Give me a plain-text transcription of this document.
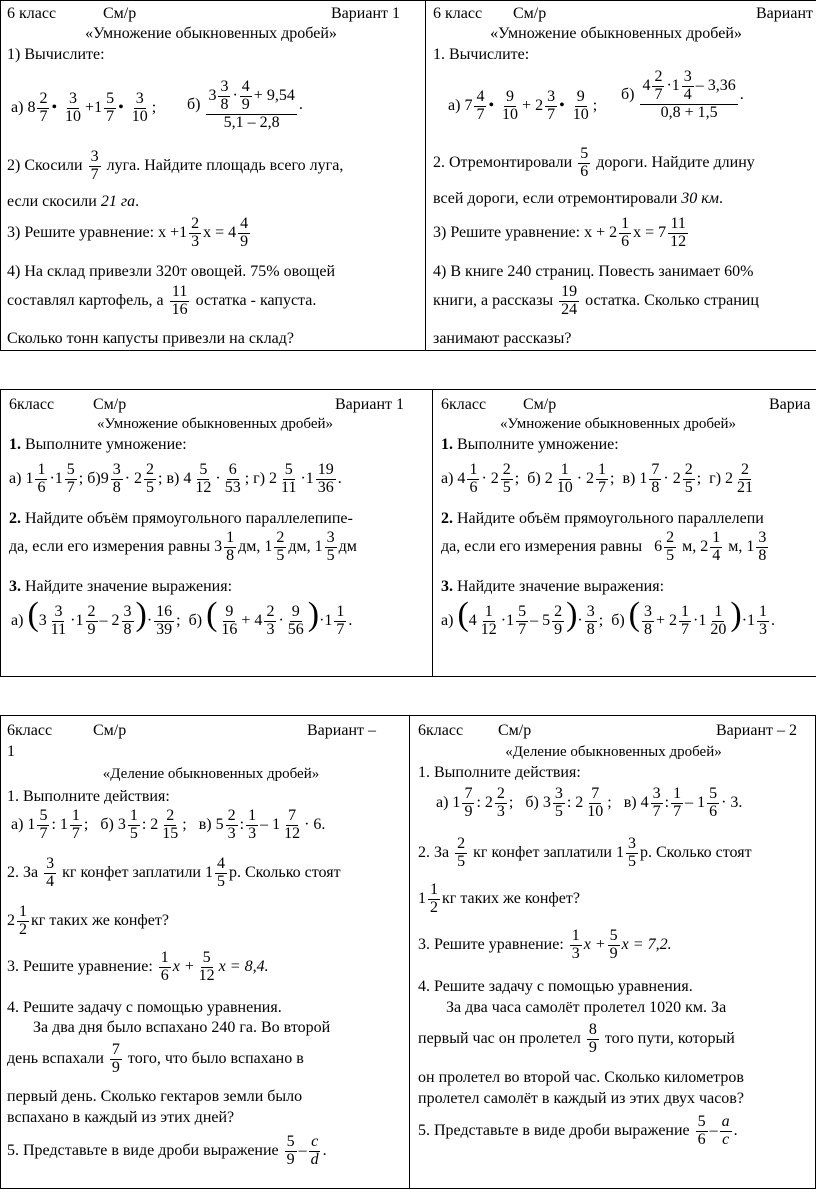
6 класс	См/р	Вариант 1
«Умножение обыкновенных дробей»
1) Вычислите:
а) $8 \frac{2}{7}$ • $\frac{3}{10} +1 \frac{5}{7}$ • $\frac{3}{10}$ ; $б) \frac{3 \frac{3}{8} \cdot \frac{4}{9} + 9,54}{5,1 - 2,8}$ .
2) Скосили $\frac{3}{7}$ луга. Найдите площадь всего луга,
если скосили 21 га.
3) Решите уравнение: $x +1 \frac{2}{3}$ $x = 4 \frac{4}{9}$
4) На склад привезли 320т овощей. 75% овощей
составлял картофель, а $\frac{11}{16}$ остатка - капуста.
Сколько тонн капусты привезли на склад?
6 класс См/р	Вариант
«Умножение обыкновенных дробей»
1. Вычислите:
а) $7 \frac{4}{7}$ • $\frac{9}{10} + 2 \frac{3}{7}$ • $\frac{9}{10}$ ;
$б) \frac{4 \frac{2}{7} \cdot 1 \frac{3}{4} - 3,36}{0,8 + 1,5}$ .
2. Отремонтировали $\frac{5}{6}$ дороги. Найдите длину
всей дороги, если отремонтировали 30 км.
3) Решите уравнение: $x + 2 \frac{1}{6}$ $x = 7 \frac{11}{12}$
4) В книге 240 страниц. Повесть занимает 60%
книги, а рассказы $\frac{19}{24}$ остатка. Сколько страниц
занимают рассказы?
6класс См/р	Вариант 1
«Умножение обыкновенных дробей»
1. Выполните умножение:
а) $1 \frac{1}{6} \cdot 1 \frac{5}{7}$ ; $б)9 \frac{3}{8} \cdot 2 \frac{2}{5}$ ; в) $4 \frac{5}{12} \cdot \frac{6}{53}$ ; г) $2 \frac{5}{11} \cdot 1 \frac{19}{36}$ .
2. Найдите объём прямоугольного параллелепипе-
да, если его измерения равны $3 \frac{1}{8}$ дм, $1 \frac{2}{5}$ дм, $1 \frac{3}{5}$ дм
3. Найдите значение выражения:
а) ($3 \frac{3}{11} \cdot 1 \frac{2}{9} - 2 \frac{3}{8}$ )· $\frac{16}{39}$ ; б) ( $\frac{9}{16} + 4 \frac{2}{3} \cdot \frac{9}{56} )\cdot 1 \frac{1}{7}$ .
6класс См/р	Вариа
«Умножение обыкновенных дробей»
1. Выполните умножение:
а) $4 \frac{1}{6} \cdot 2 \frac{2}{5}$ ; б) $2 \frac{1}{10} \cdot 2 \frac{1}{7}$ ; в) $1 \frac{7}{8} \cdot 2 \frac{2}{5}$ ; г) $2 \frac{2}{21}$
2. Найдите объём прямоугольного параллелепи
да, если его измерения равны $6 \frac{2}{5} м$, $2 \frac{1}{4} м$, $1 \frac{3}{8}$
3. Найдите значение выражения:
а) ($4 \frac{1}{12} \cdot 1 \frac{5}{7} - 5 \frac{2}{9}$ )· $\frac{3}{8}$ ; б) ( $\frac{3}{8} + 2 \frac{1}{7} \cdot 1 \frac{1}{20} )\cdot 1 \frac{1}{3}$ .
6класс	См/р	Вариант –
1
«Деление обыкновенных дробей»
1. Выполните действия:
а) $1 \frac{5}{7}$ : $1 \frac{1}{7}$ ; б) $3 \frac{1}{5}$ : $2 \frac{2}{15}$ ; в) $5 \frac{2}{3}$ : $\frac{1}{3} - 1 \frac{7}{12} \cdot 6$.
2. За $\frac{3}{4}$ кг конфет заплатили $1 \frac{4}{5} р$. Сколько стоят
$2 \frac{1}{2}$ кг таких же конфет?
3. Решите уравнение: $\frac{1}{6}$ $x + \frac{5}{12}$ x = 8,4.
4. Решите задачу с помощью уравнения.
За два дня было вспахано 240 га. Во второй
день вспахали $\frac{7}{9}$ того, что было вспахано в
первый день. Сколько гектаров земли было
вспахано в каждый из этих дней?
5. Представьте в виде дроби выражение $\frac{5}{9} - \frac{c}{d}$ .
6класс См/р	Вариант – 2
«Деление обыкновенных дробей»
1. Выполните действия:
а) $1 \frac{7}{9}$ : $2 \frac{2}{3}$ ; б) $3 \frac{3}{5}$ : $2 \frac{7}{10}$ ; в) $4 \frac{3}{7}$ : $\frac{1}{7} - 1 \frac{5}{6} \cdot 3$.
2. За $\frac{2}{5}$ кг конфет заплатили $1 \frac{3}{5} р$. Сколько стоят
$1 \frac{1}{2}$ кг таких же конфет?
3. Решите уравнение: $\frac{1}{3}$ $x + \frac{5}{9}$ x = 7,2.
4. Решите задачу с помощью уравнения.
За два часа самолёт пролетел 1020 км. За
первый час он пролетел $\frac{8}{9}$ того пути, который
он пролетел во второй час. Сколько километров
пролетел самолёт в каждый из этих двух часов?
5. Представьте в виде дроби выражение $\frac{5}{6} - \frac{a}{c}$ .
